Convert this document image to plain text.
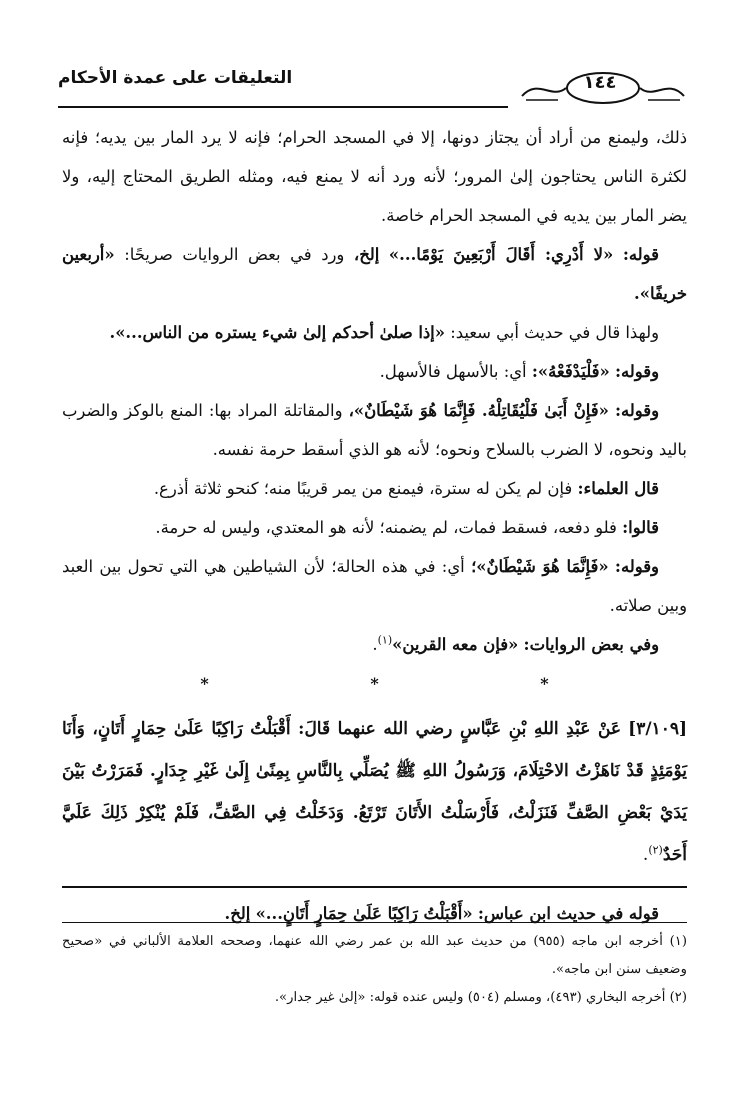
التعليقات على عمدة الأحكام	١٤٤

ذلك، وليمنع من أراد أن يجتاز دونها، إلا في المسجد الحرام؛ فإنه لا يرد المار بين يديه؛ فإنه لكثرة الناس يحتاجون إلىٰ المرور؛ لأنه ورد أنه لا يمنع فيه، ومثله الطريق المحتاج إليه، ولا يضر المار بين يديه في المسجد الحرام خاصة.

قوله: «لا أَدْرِي: أَقَالَ أَرْبَعِينَ يَوْمًا...» إلخ، ورد في بعض الروايات صريحًا: «أربعين خريفًا».

ولهذا قال في حديث أبي سعيد: «إذا صلىٰ أحدكم إلىٰ شيء يستره من الناس...».

وقوله: «فَلْيَدْفَعْهُ»: أي: بالأسهل فالأسهل.

وقوله: «فَإِنْ أَبَىٰ فَلْيُقَاتِلْهُ. فَإِنَّمَا هُوَ شَيْطَانٌ»، والمقاتلة المراد بها: المنع بالوكز والضرب باليد ونحوه، لا الضرب بالسلاح ونحوه؛ لأنه هو الذي أسقط حرمة نفسه.

قال العلماء: فإن لم يكن له سترة، فيمنع من يمر قريبًا منه؛ كنحو ثلاثة أذرع.

قالوا: فلو دفعه، فسقط فمات، لم يضمنه؛ لأنه هو المعتدي، وليس له حرمة.

وقوله: «فَإِنَّمَا هُوَ شَيْطَانٌ»؛ أي: في هذه الحالة؛ لأن الشياطين هي التي تحول بين العبد وبين صلاته.

وفي بعض الروايات: «فإن معه القرين»$^{(١)}$.

* * *

[٣/١٠٩] عَنْ عَبْدِ اللهِ بْنِ عَبَّاسٍ رضي الله عنهما قَالَ: أَقْبَلْتُ رَاكِبًا عَلَىٰ حِمَارٍ أَتَانٍ، وَأَنَا يَوْمَئِذٍ قَدْ نَاهَزْتُ الاحْتِلَامَ، وَرَسُولُ اللهِ ﷺ يُصَلِّي بِالنَّاسِ بِمِنًىٰ إِلَىٰ غَيْرِ جِدَارٍ. فَمَرَرْتُ بَيْنَ يَدَيْ بَعْضِ الصَّفِّ فَنَزَلْتُ، فَأَرْسَلْتُ الأَتَانَ تَرْتَعُ. وَدَخَلْتُ فِي الصَّفِّ، فَلَمْ يُنْكِرْ ذَلِكَ عَلَيَّ أَحَدٌ$^{(٢)}$.

قوله في حديث ابن عباس: «أَقْبَلْتُ رَاكِبًا عَلَىٰ حِمَارٍ أَتَانٍ...» إلخ.

(١) أخرجه ابن ماجه (٩٥٥) من حديث عبد الله بن عمر رضي الله عنهما، وصححه العلامة الألباني في «صحيح وضعيف سنن ابن ماجه».

(٢) أخرجه البخاري (٤٩٣)، ومسلم (٥٠٤) وليس عنده قوله: «إلىٰ غير جدار».
